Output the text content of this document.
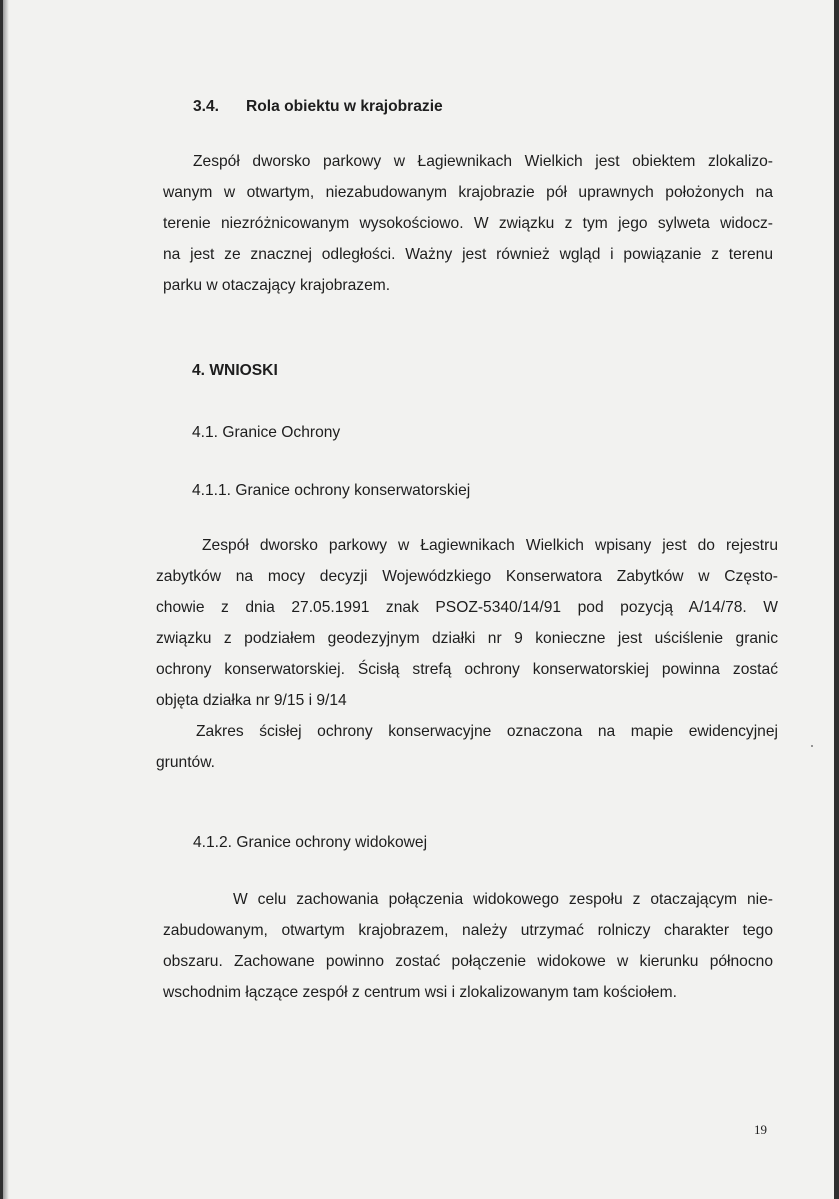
3.4. Rola obiektu w krajobrazie
Zespół dworsko parkowy w Łagiewnikach Wielkich jest obiektem zlokalizo-
wanym w otwartym, niezabudowanym krajobrazie pół uprawnych położonych na
terenie niezróżnicowanym wysokościowo. W związku z tym jego sylweta widocz-
na jest ze znacznej odległości. Ważny jest również wgląd i powiązanie z terenu
parku w otaczający krajobrazem.
4. WNIOSKI
4.1. Granice Ochrony
4.1.1. Granice ochrony konserwatorskiej
Zespół dworsko parkowy w Łagiewnikach Wielkich wpisany jest do rejestru
zabytków na mocy decyzji Wojewódzkiego Konserwatora Zabytków w Często-
chowie z dnia 27.05.1991 znak PSOZ-5340/14/91 pod pozycją A/14/78. W
związku z podziałem geodezyjnym działki nr 9 konieczne jest uściślenie granic
ochrony konserwatorskiej. Ścisłą strefą ochrony konserwatorskiej powinna zostać
objęta działka nr 9/15 i 9/14
Zakres ścisłej ochrony konserwacyjne oznaczona na mapie ewidencyjnej
gruntów.
4.1.2. Granice ochrony widokowej
W celu zachowania połączenia widokowego zespołu z otaczającym nie-
zabudowanym, otwartym krajobrazem, należy utrzymać rolniczy charakter tego
obszaru. Zachowane powinno zostać połączenie widokowe w kierunku północno
wschodnim łączące zespół z centrum wsi i zlokalizowanym tam kościołem.
19
